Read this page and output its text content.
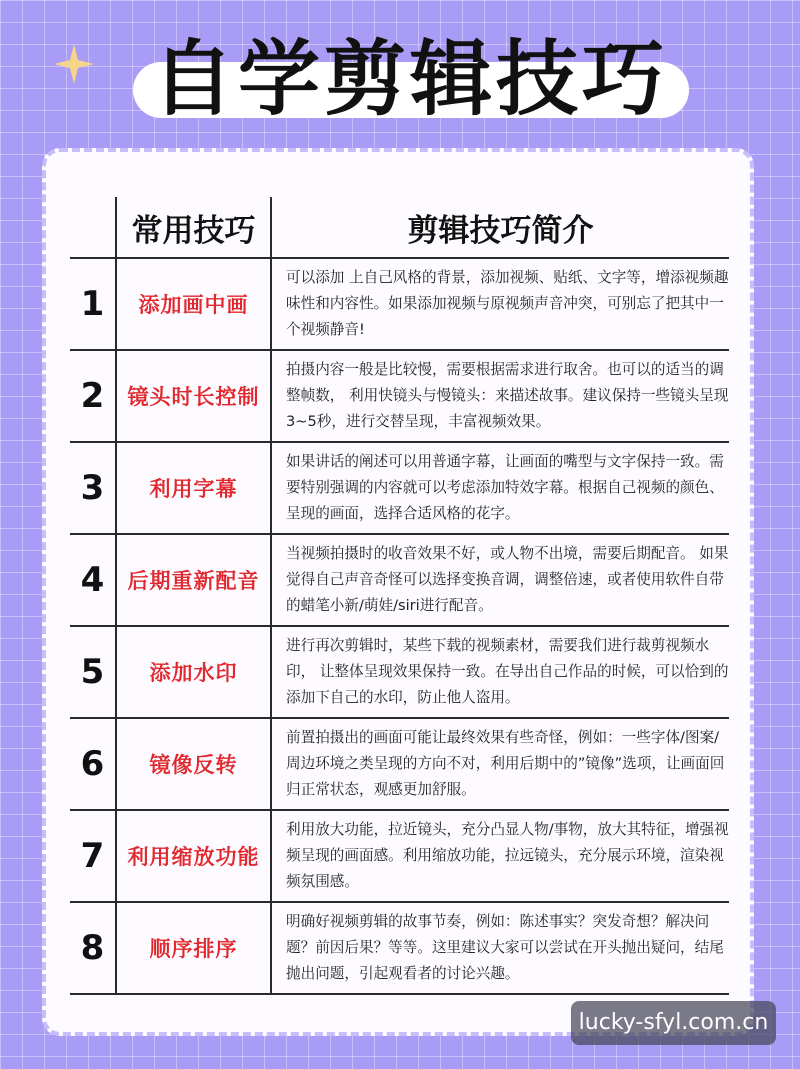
自学剪辑技巧
	常用技巧	剪辑技巧简介
1	添加画中画	可以添加 上自己风格的背景，添加视频、贴纸、文字等，增添视频趣味性和内容性。如果添加视频与原视频声音冲突，可别忘了把其中一个视频静音!
2	镜头时长控制	拍摄内容一般是比较慢，需要根据需求进行取舍。也可以的适当的调整帧数， 利用快镜头与慢镜头：来描述故事。建议保持一些镜头呈现3~5秒，进行交替呈现，丰富视频效果。
3	利用字幕	如果讲话的阐述可以用普通字幕，让画面的嘴型与文字保持一致。需要特别强调的内容就可以考虑添加特效字幕。根据自己视频的颜色、呈现的画面，选择合适风格的花字。
4	后期重新配音	当视频拍摄时的收音效果不好，或人物不出境，需要后期配音。 如果觉得自己声音奇怪可以选择变换音调，调整倍速，或者使用软件自带的蜡笔小新/萌娃/siri进行配音。
5	添加水印	进行再次剪辑时，某些下载的视频素材，需要我们进行裁剪视频水印， 让整体呈现效果保持一致。在导出自己作品的时候，可以恰到的添加下自己的水印，防止他人盗用。
6	镜像反转	前置拍摄出的画面可能让最终效果有些奇怪，例如：一些字体/图案/周边环境之类呈现的方向不对，利用后期中的”镜像”选项，让画面回归正常状态，观感更加舒服。
7	利用缩放功能	利用放大功能，拉近镜头，充分凸显人物/事物，放大其特征，增强视频呈现的画面感。利用缩放功能，拉远镜头，充分展示环境，渲染视频氛围感。
8	顺序排序	明确好视频剪辑的故事节奏，例如：陈述事实？突发奇想？解决问题？前因后果？等等。这里建议大家可以尝试在开头抛出疑问，结尾抛出问题，引起观看者的讨论兴趣。
lucky-sfyl.com.cn
